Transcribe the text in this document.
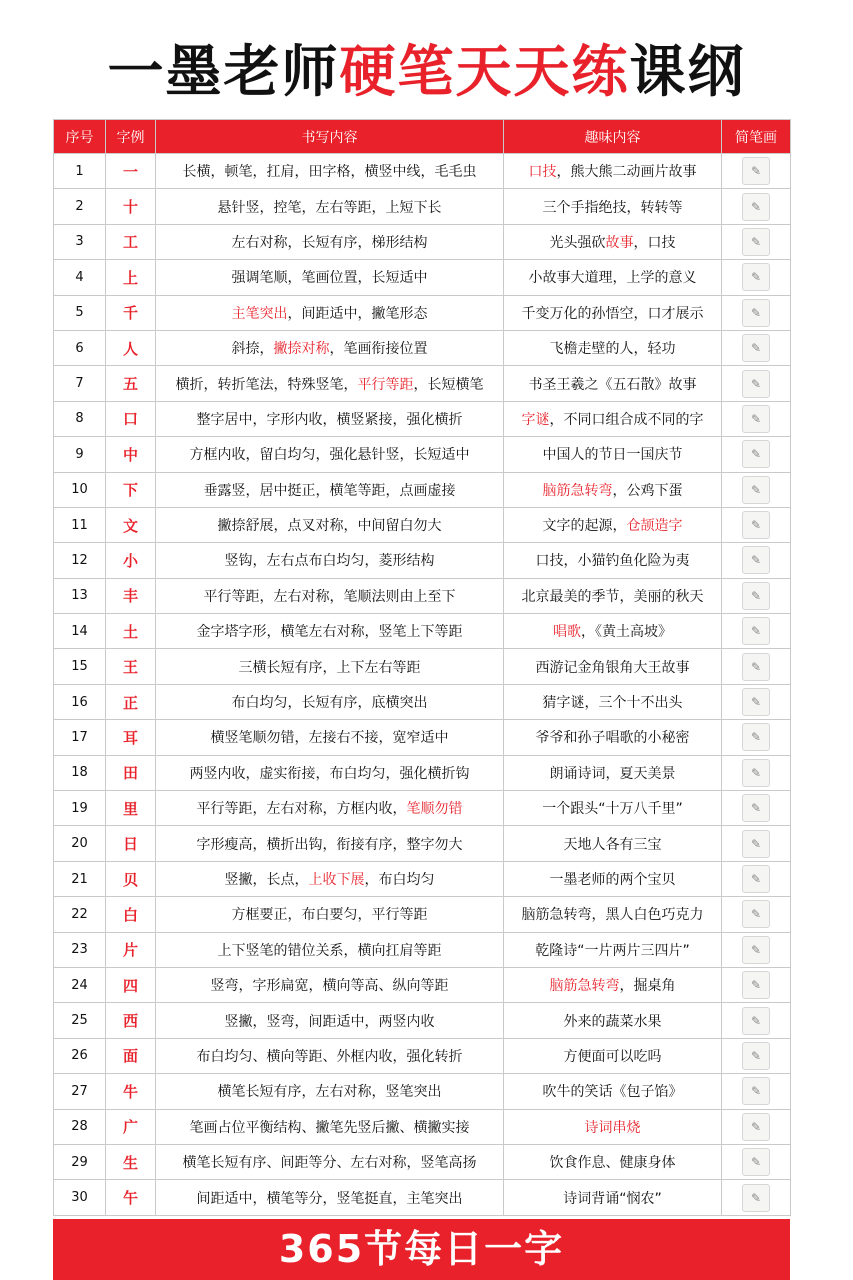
一墨老师硬笔天天练课纲
序号	字例	书写内容	趣味内容	简笔画
1	一	长横，顿笔，扛肩，田字格，横竖中线，毛毛虫	口技，熊大熊二动画片故事	✎
2	十	悬针竖，控笔，左右等距，上短下长	三个手指绝技，转转等	✎
3	工	左右对称，长短有序，梯形结构	光头强砍故事，口技	✎
4	上	强调笔顺，笔画位置，长短适中	小故事大道理，上学的意义	✎
5	千	主笔突出，间距适中，撇笔形态	千变万化的孙悟空，口才展示	✎
6	人	斜捺，撇捺对称，笔画衔接位置	飞檐走壁的人，轻功	✎
7	五	横折，转折笔法，特殊竖笔，平行等距，长短横笔	书圣王羲之《五石散》故事	✎
8	口	整字居中，字形内收，横竖紧接，强化横折	字谜，不同口组合成不同的字	✎
9	中	方框内收，留白均匀，强化悬针竖，长短适中	中国人的节日一国庆节	✎
10	下	垂露竖，居中挺正，横笔等距，点画虚接	脑筋急转弯，公鸡下蛋	✎
11	文	撇捺舒展，点叉对称，中间留白勿大	文字的起源，仓颉造字	✎
12	小	竖钩，左右点布白均匀，菱形结构	口技，小猫钓鱼化险为夷	✎
13	丰	平行等距，左右对称，笔顺法则由上至下	北京最美的季节，美丽的秋天	✎
14	土	金字塔字形，横笔左右对称，竖笔上下等距	唱歌，《黄土高坡》	✎
15	王	三横长短有序，上下左右等距	西游记金角银角大王故事	✎
16	正	布白均匀，长短有序，底横突出	猜字谜，三个十不出头	✎
17	耳	横竖笔顺勿错，左接右不接，宽窄适中	爷爷和孙子唱歌的小秘密	✎
18	田	两竖内收，虚实衔接，布白均匀，强化横折钩	朗诵诗词，夏天美景	✎
19	里	平行等距，左右对称，方框内收，笔顺勿错	一个跟头“十万八千里”	✎
20	日	字形瘦高，横折出钩，衔接有序，整字勿大	天地人各有三宝	✎
21	贝	竖撇，长点，上收下展，布白均匀	一墨老师的两个宝贝	✎
22	白	方框要正，布白要匀，平行等距	脑筋急转弯，黑人白色巧克力	✎
23	片	上下竖笔的错位关系，横向扛肩等距	乾隆诗“一片两片三四片”	✎
24	四	竖弯，字形扁宽，横向等高、纵向等距	脑筋急转弯，掘桌角	✎
25	西	竖撇，竖弯，间距适中，两竖内收	外来的蔬菜水果	✎
26	面	布白均匀、横向等距、外框内收，强化转折	方便面可以吃吗	✎
27	牛	横笔长短有序，左右对称，竖笔突出	吹牛的笑话《包子馅》	✎
28	广	笔画占位平衡结构、撇笔先竖后撇、横撇实接	诗词串烧	✎
29	生	横笔长短有序、间距等分、左右对称，竖笔高扬	饮食作息、健康身体	✎
30	午	间距适中，横笔等分，竖笔挺直，主笔突出	诗词背诵“悯农”	✎
365节每日一字
